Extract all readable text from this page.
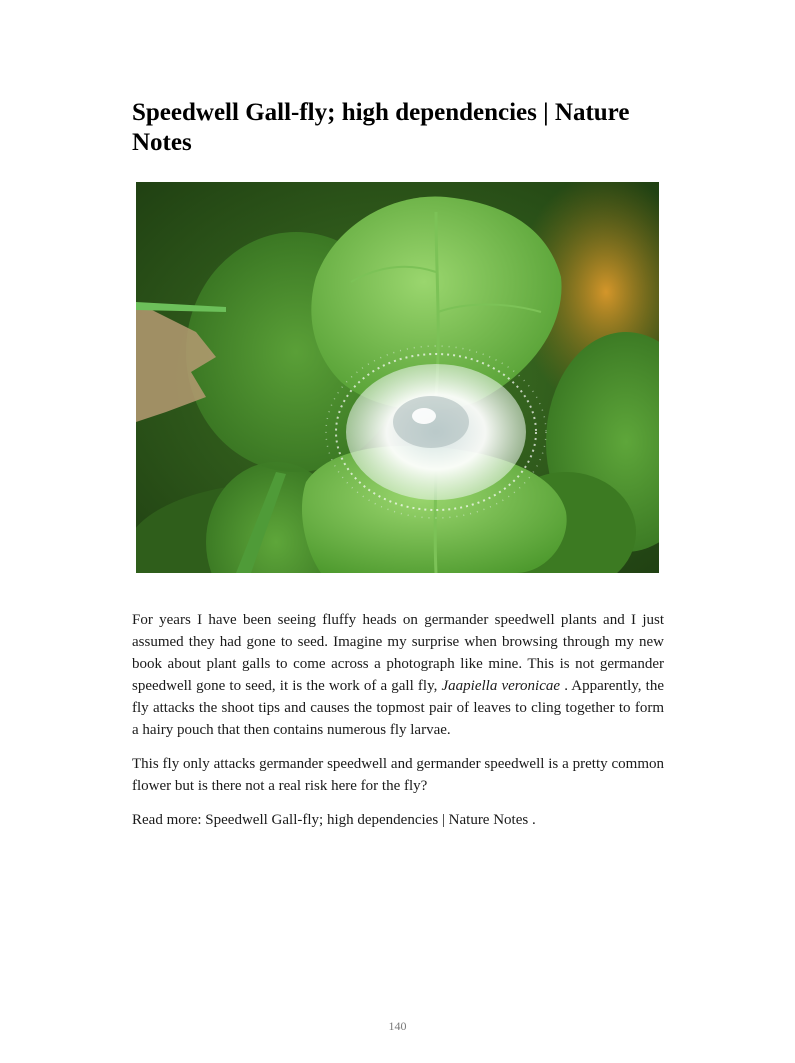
Speedwell Gall-fly; high dependencies | Nature Notes

For years I have been seeing fluffy heads on germander speedwell plants and I just assumed they had gone to seed. Imagine my surprise when browsing through my new book about plant galls to come across a photograph like mine. This is not germander speedwell gone to seed, it is the work of a gall fly, Jaapiella veronicae . Apparently, the fly attacks the shoot tips and causes the topmost pair of leaves to cling together to form a hairy pouch that then contains numerous fly larvae.

This fly only attacks germander speedwell and germander speedwell is a pretty common flower but is there not a real risk here for the fly?

Read more: Speedwell Gall-fly; high dependencies | Nature Notes .

140
